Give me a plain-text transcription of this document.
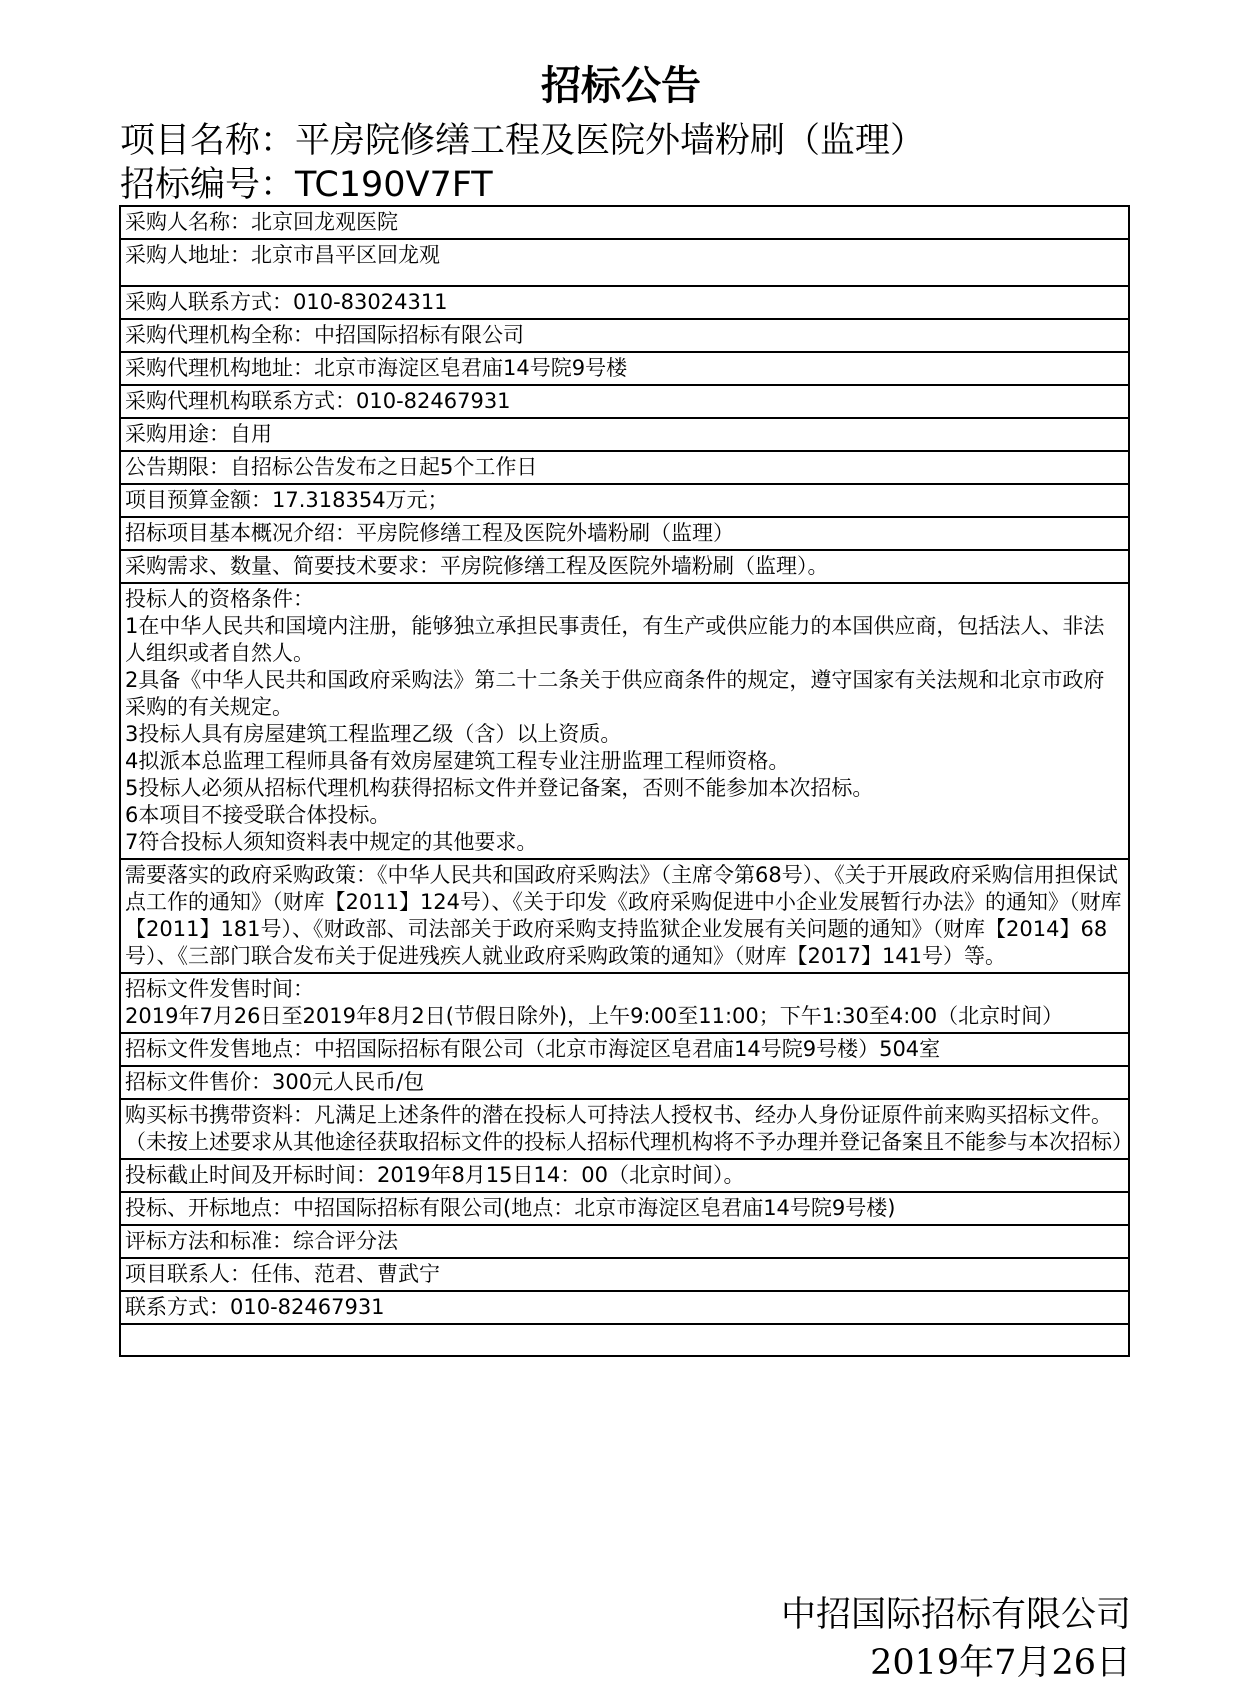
招标公告
项目名称：平房院修缮工程及医院外墙粉刷（监理）
招标编号：TC190V7FT
采购人名称：北京回龙观医院
采购人地址：北京市昌平区回龙观
采购人联系方式：010-83024311
采购代理机构全称：中招国际招标有限公司
采购代理机构地址：北京市海淀区皂君庙14号院9号楼
采购代理机构联系方式：010-82467931
采购用途：自用
公告期限：自招标公告发布之日起5个工作日
项目预算金额：17.318354万元；
招标项目基本概况介绍：平房院修缮工程及医院外墙粉刷（监理）
采购需求、数量、简要技术要求：平房院修缮工程及医院外墙粉刷（监理）。
投标人的资格条件：
1在中华人民共和国境内注册，能够独立承担民事责任，有生产或供应能力的本国供应商，包括法人、非法人组织或者自然人。
2具备《中华人民共和国政府采购法》第二十二条关于供应商条件的规定，遵守国家有关法规和北京市政府采购的有关规定。
3投标人具有房屋建筑工程监理乙级（含）以上资质。
4拟派本总监理工程师具备有效房屋建筑工程专业注册监理工程师资格。
5投标人必须从招标代理机构获得招标文件并登记备案，否则不能参加本次招标。
6本项目不接受联合体投标。
7符合投标人须知资料表中规定的其他要求。
需要落实的政府采购政策：《中华人民共和国政府采购法》（主席令第68号）、《关于开展政府采购信用担保试点工作的通知》（财库【2011】124号）、《关于印发《政府采购促进中小企业发展暂行办法》的通知》（财库【2011】181号）、《财政部、司法部关于政府采购支持监狱企业发展有关问题的通知》（财库【2014】68号）、《三部门联合发布关于促进残疾人就业政府采购政策的通知》（财库【2017】141号）等。
招标文件发售时间：
2019年7月26日至2019年8月2日(节假日除外)，上午9:00至11:00；下午1:30至4:00（北京时间）
招标文件发售地点：中招国际招标有限公司（北京市海淀区皂君庙14号院9号楼）504室
招标文件售价：300元人民币/包
购买标书携带资料：凡满足上述条件的潜在投标人可持法人授权书、经办人身份证原件前来购买招标文件。（未按上述要求从其他途径获取招标文件的投标人招标代理机构将不予办理并登记备案且不能参与本次招标）
投标截止时间及开标时间：2019年8月15日14：00（北京时间）。
投标、开标地点：中招国际招标有限公司(地点：北京市海淀区皂君庙14号院9号楼)
评标方法和标准：综合评分法
项目联系人：任伟、范君、曹武宁
联系方式：010-82467931

中招国际招标有限公司
2019年7月26日
